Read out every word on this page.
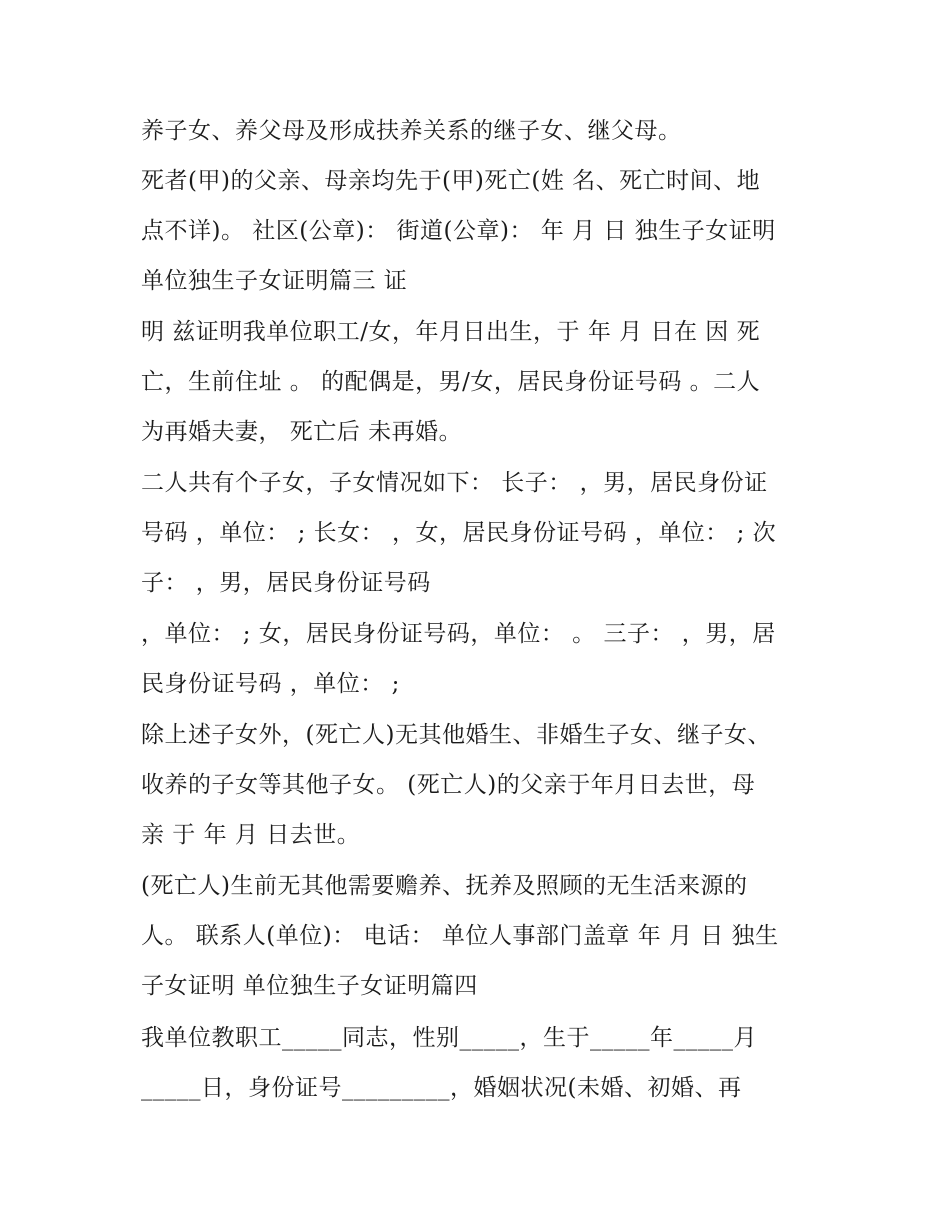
养子女、养父母及形成扶养关系的继子女、继父母。
死者(甲)的父亲、母亲均先于(甲)死亡(姓 名、死亡时间、地
点不详)。 社区(公章)： 街道(公章)： 年 月 日 独生子女证明
单位独生子女证明篇三 证
明 兹证明我单位职工/女，年月日出生，于 年 月 日在 因 死
亡，生前住址 。 的配偶是，男/女，居民身份证号码 。二人
为再婚夫妻， 死亡后 未再婚。
二人共有个子女，子女情况如下： 长子： ，男，居民身份证
号码 ，单位： ; 长女： ，女，居民身份证号码 ，单位： ; 次
子： ，男，居民身份证号码
，单位： ; 女，居民身份证号码，单位： 。 三子： ，男，居
民身份证号码 ，单位： ;
除上述子女外，(死亡人)无其他婚生、非婚生子女、继子女、
收养的子女等其他子女。 (死亡人)的父亲于年月日去世，母
亲 于 年 月 日去世。
(死亡人)生前无其他需要赡养、抚养及照顾的无生活来源的
人。 联系人(单位)： 电话： 单位人事部门盖章 年 月 日 独生
子女证明 单位独生子女证明篇四
我单位教职工_____同志，性别_____，生于_____年_____月
_____日，身份证号_________，婚姻状况(未婚、初婚、再
